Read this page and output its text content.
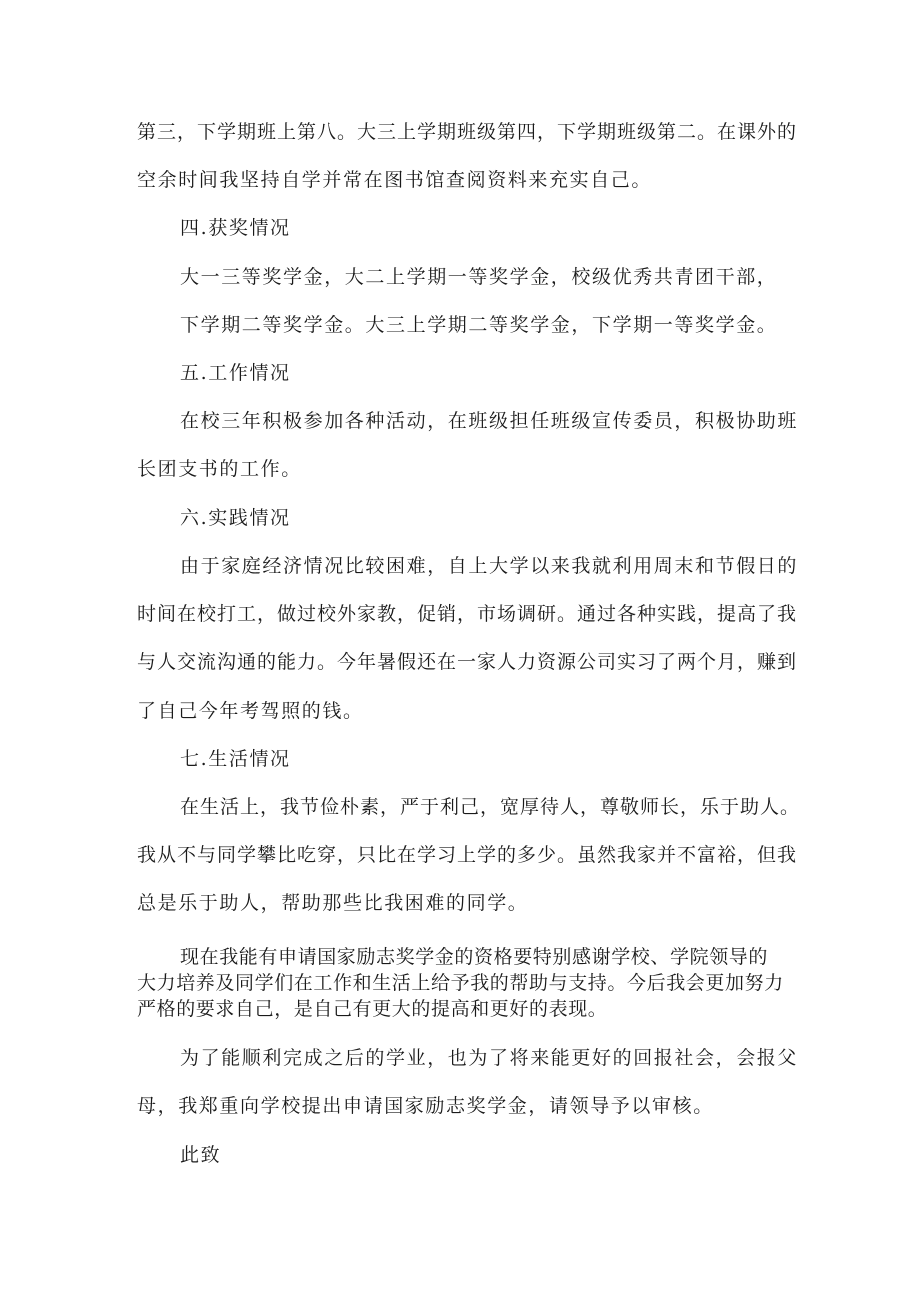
第三，下学期班上第八。大三上学期班级第四，下学期班级第二。在课外的
空余时间我坚持自学并常在图书馆查阅资料来充实自己。
四.获奖情况
大一三等奖学金，大二上学期一等奖学金，校级优秀共青团干部，
下学期二等奖学金。大三上学期二等奖学金，下学期一等奖学金。
五.工作情况
在校三年积极参加各种活动，在班级担任班级宣传委员，积极协助班
长团支书的工作。
六.实践情况
由于家庭经济情况比较困难，自上大学以来我就利用周末和节假日的
时间在校打工，做过校外家教，促销，市场调研。通过各种实践，提高了我
与人交流沟通的能力。今年暑假还在一家人力资源公司实习了两个月，赚到
了自己今年考驾照的钱。
七.生活情况
在生活上，我节俭朴素，严于利己，宽厚待人，尊敬师长，乐于助人。
我从不与同学攀比吃穿，只比在学习上学的多少。虽然我家并不富裕，但我
总是乐于助人，帮助那些比我困难的同学。
现在我能有申请国家励志奖学金的资格要特别感谢学校、学院领导的
大力培养及同学们在工作和生活上给予我的帮助与支持。今后我会更加努力
严格的要求自己，是自己有更大的提高和更好的表现。
为了能顺利完成之后的学业，也为了将来能更好的回报社会，会报父
母，我郑重向学校提出申请国家励志奖学金，请领导予以审核。
此致
